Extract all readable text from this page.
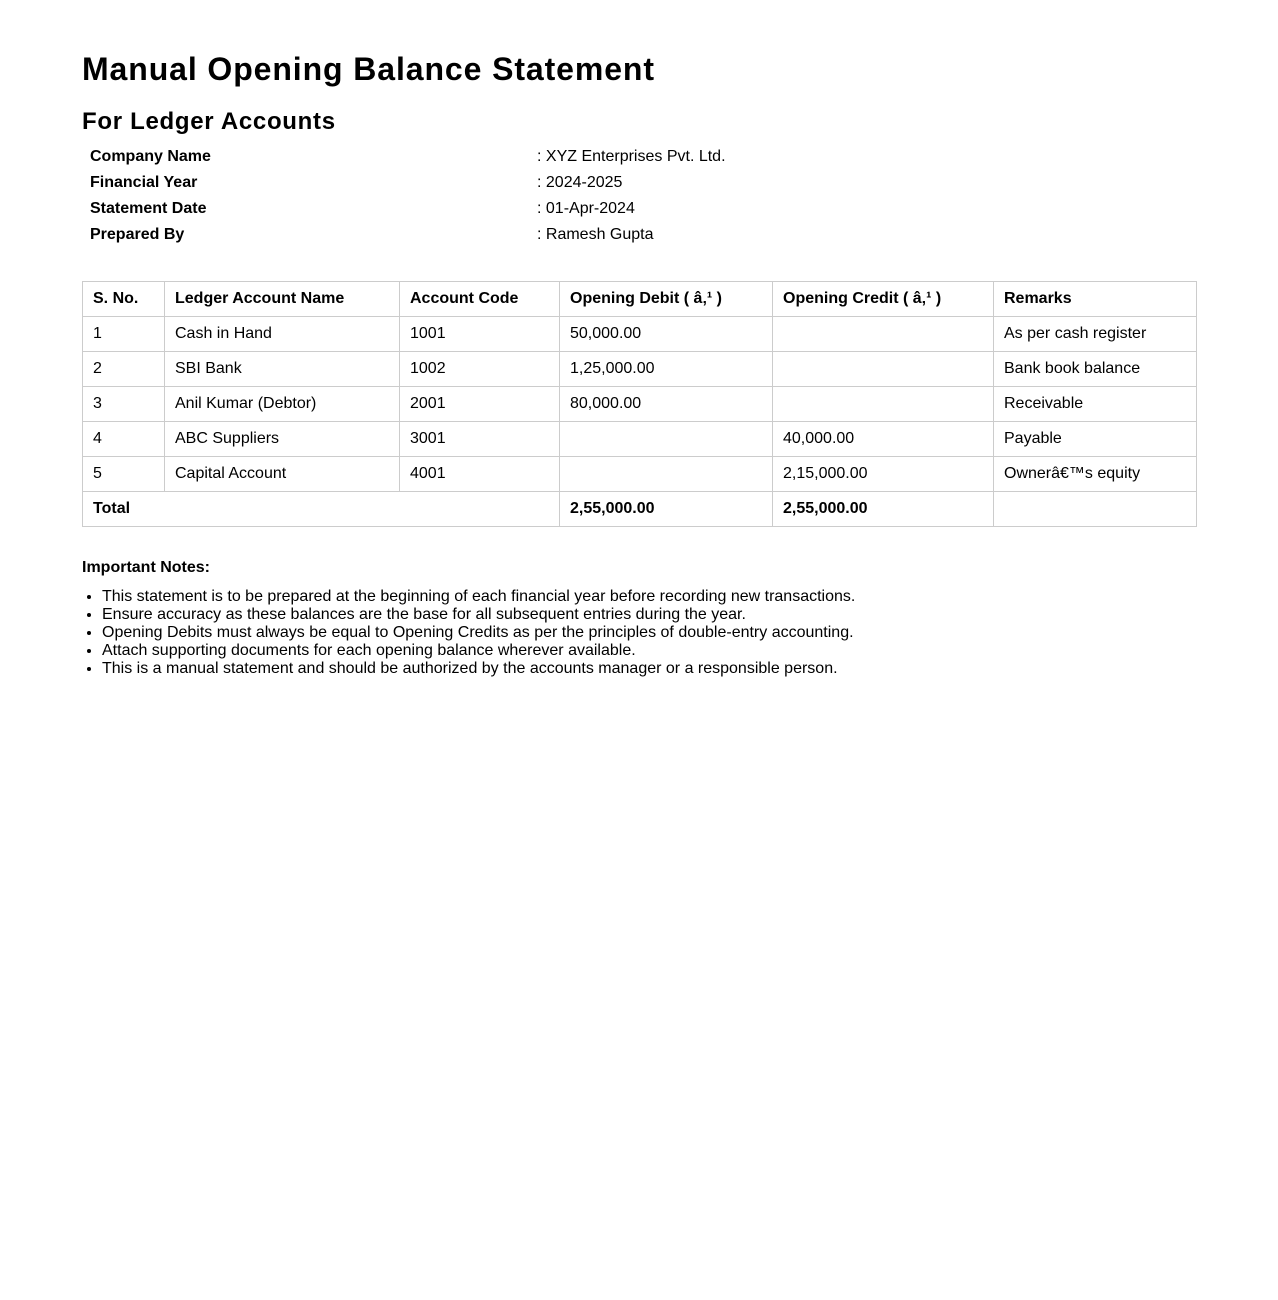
Manual Opening Balance Statement
For Ledger Accounts
Company Name	: XYZ Enterprises Pvt. Ltd.
Financial Year	: 2024-2025
Statement Date	: 01-Apr-2024
Prepared By	: Ramesh Gupta
S. No.	Ledger Account Name	Account Code	Opening Debit ( â‚¹ )	Opening Credit ( â‚¹ )	Remarks
1	Cash in Hand	1001	50,000.00		As per cash register
2	SBI Bank	1002	1,25,000.00		Bank book balance
3	Anil Kumar (Debtor)	2001	80,000.00		Receivable
4	ABC Suppliers	3001		40,000.00	Payable
5	Capital Account	4001		2,15,000.00	Ownerâ€™s equity
Total			2,55,000.00	2,55,000.00	
Important Notes:
• This statement is to be prepared at the beginning of each financial year before recording new transactions.
• Ensure accuracy as these balances are the base for all subsequent entries during the year.
• Opening Debits must always be equal to Opening Credits as per the principles of double-entry accounting.
• Attach supporting documents for each opening balance wherever available.
• This is a manual statement and should be authorized by the accounts manager or a responsible person.
